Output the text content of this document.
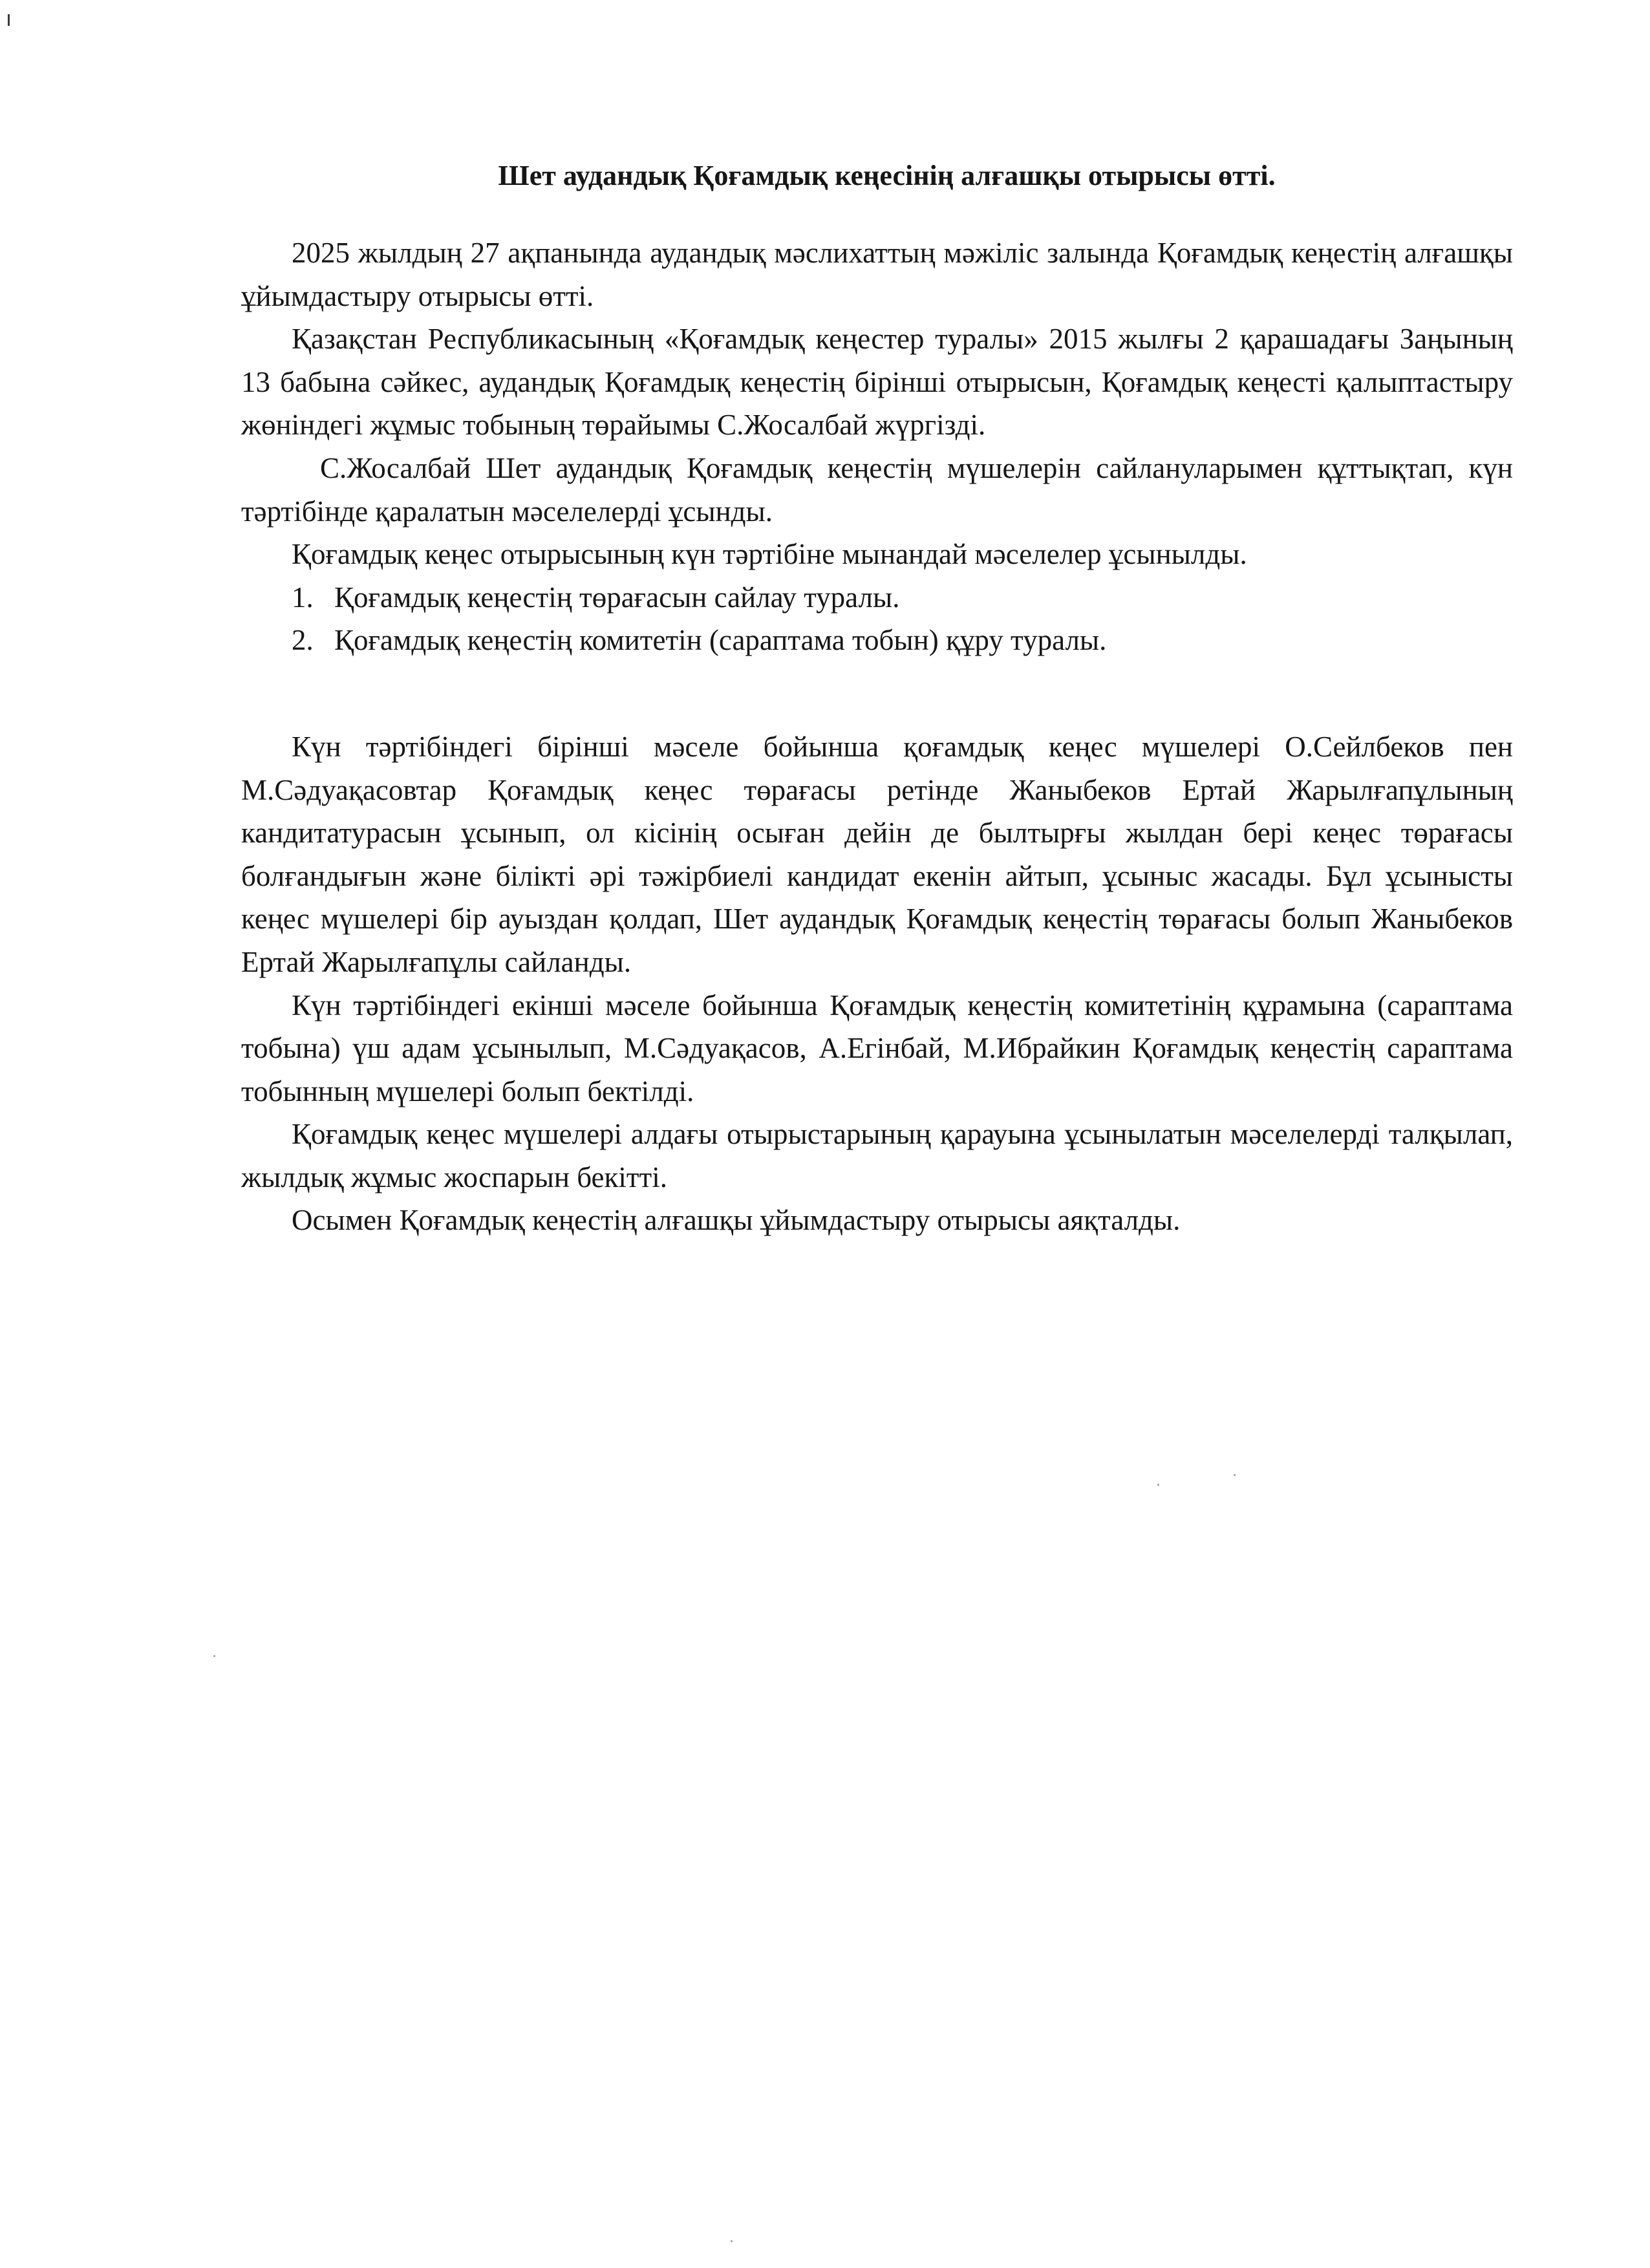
Шет аудандық Қоғамдық кеңесінің алғашқы отырысы өтті.

2025 жылдың 27 ақпанында аудандық мәслихаттың мәжіліс залында Қоғамдық кеңестің алғашқы ұйымдастыру отырысы өтті.

Қазақстан Республикасының «Қоғамдық кеңестер туралы» 2015 жылғы 2 қарашадағы Заңының 13 бабына сәйкес, аудандық Қоғамдық кеңестің бірінші отырысын, Қоғамдық кеңесті қалыптастыру жөніндегі жұмыс тобының төрайымы С.Жосалбай жүргізді.

С.Жосалбай Шет аудандық Қоғамдық кеңестің мүшелерін сайлануларымен құттықтап, күн тәртібінде қаралатын мәселелерді ұсынды.

Қоғамдық кеңес отырысының күн тәртібіне мынандай мәселелер ұсынылды.

1. Қоғамдық кеңестің төрағасын сайлау туралы.
2. Қоғамдық кеңестің комитетін (сараптама тобын) құру туралы.

Күн тәртібіндегі бірінші мәселе бойынша қоғамдық кеңес мүшелері О.Сейлбеков пен М.Сәдуақасовтар Қоғамдық кеңес төрағасы ретінде Жаныбеков Ертай Жарылғапұлының кандитатурасын ұсынып, ол кісінің осыған дейін де былтырғы жылдан бері кеңес төрағасы болғандығын және білікті әрі тәжірбиелі кандидат екенін айтып, ұсыныс жасады. Бұл ұсынысты кеңес мүшелері бір ауыздан қолдап, Шет аудандық Қоғамдық кеңестің төрағасы болып Жаныбеков Ертай Жарылғапұлы сайланды.

Күн тәртібіндегі екінші мәселе бойынша Қоғамдық кеңестің комитетінің құрамына (сараптама тобына) үш адам ұсынылып, М.Сәдуақасов, А.Егінбай, М.Ибрайкин Қоғамдық кеңестің сараптама тобынның мүшелері болып бектілді.

Қоғамдық кеңес мүшелері алдағы отырыстарының қарауына ұсынылатын мәселелерді талқылап, жылдық жұмыс жоспарын бекітті.

Осымен Қоғамдық кеңестің алғашқы ұйымдастыру отырысы аяқталды.
